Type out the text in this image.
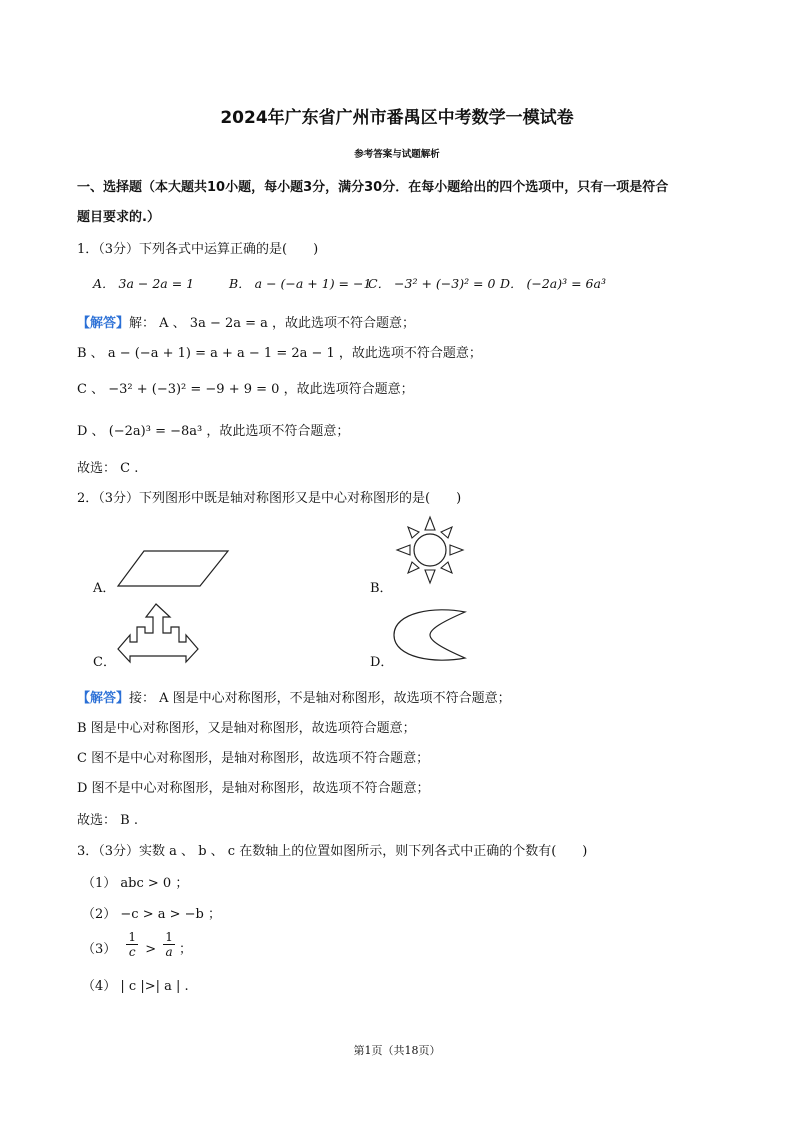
2024年广东省广州市番禺区中考数学一模试卷
参考答案与试题解析
一、选择题（本大题共10小题，每小题3分，满分30分．在每小题给出的四个选项中，只有一项是符合
题目要求的.）
1．（3分）下列各式中运算正确的是(　　)
A． 3a − 2a = 1	B． a − (−a + 1) = −1
C． −3² + (−3)² = 0 D． (−2a)³ = 6a³
【解答】解： A 、 3a − 2a = a ，故此选项不符合题意；
B 、 a − (−a + 1) = a + a − 1 = 2a − 1 ，故此选项不符合题意；
C 、 −3² + (−3)² = −9 + 9 = 0 ，故此选项符合题意；
D 、 (−2a)³ = −8a³ ，故此选项不符合题意；
故选： C .
2．（3分）下列图形中既是轴对称图形又是中心对称图形的是(　　)
A．	B．
C．	D．
【解答】接： A 图是中心对称图形，不是轴对称图形，故选项不符合题意；
B 图是中心对称图形，又是轴对称图形，故选项符合题意；
C 图不是中心对称图形，是轴对称图形，故选项不符合题意；
D 图不是中心对称图形，是轴对称图形，故选项不符合题意；
故选： B .
3．（3分）实数 a 、 b 、 c 在数轴上的位置如图所示，则下列各式中正确的个数有(　　)
（1） abc > 0 ；
（2） −c > a > −b ；
$(3) \frac{1}{c} > \frac{1}{a}$ ；
（4） | c |>| a | .
第1页（共18页）
